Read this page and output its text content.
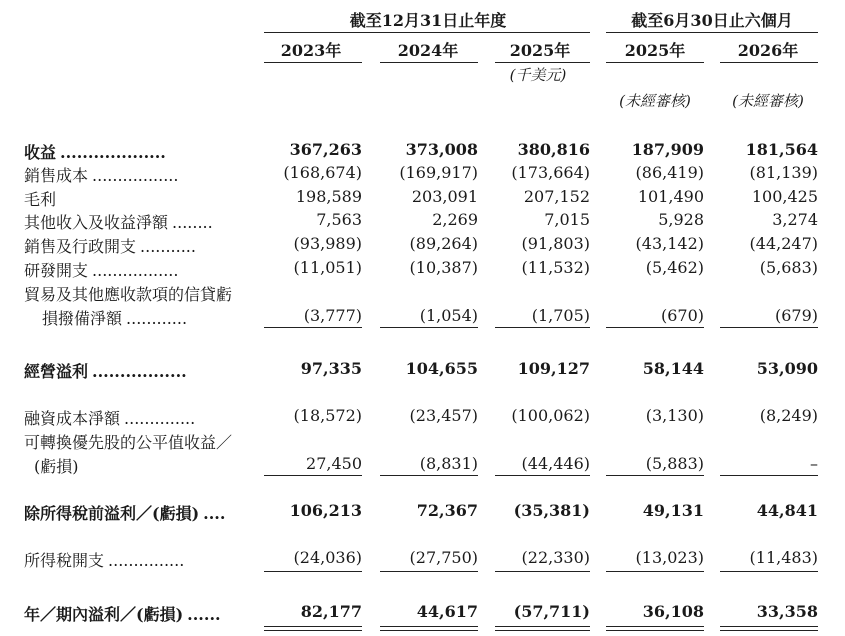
截至12月31日止年度	截至6月30日止六個月
2023年	2024年	2025年	2025年	2026年
(千美元)
(未經審核)	(未經審核)
收益 ...................	367,263	373,008	380,816	187,909	181,564
銷售成本 .................	(168,674)	(169,917)	(173,664)	(86,419)	(81,139)
毛利	198,589	203,091	207,152	101,490	100,425
其他收入及收益淨額 ........	7,563	2,269	7,015	5,928	3,274
銷售及行政開支 ...........	(93,989)	(89,264)	(91,803)	(43,142)	(44,247)
研發開支 .................	(11,051)	(10,387)	(11,532)	(5,462)	(5,683)
貿易及其他應收款項的信貸虧
損撥備淨額 ............	(3,777)	(1,054)	(1,705)	(670)	(679)
經營溢利 .................	97,335	104,655	109,127	58,144	53,090
融資成本淨額 ..............	(18,572)	(23,457)	(100,062)	(3,130)	(8,249)
可轉換優先股的公平值收益／
(虧損)	27,450	(8,831)	(44,446)	(5,883)	–
除所得稅前溢利／(虧損) ....	106,213	72,367	(35,381)	49,131	44,841
所得稅開支 ...............	(24,036)	(27,750)	(22,330)	(13,023)	(11,483)
年／期內溢利／(虧損) ......	82,177	44,617	(57,711)	36,108	33,358
